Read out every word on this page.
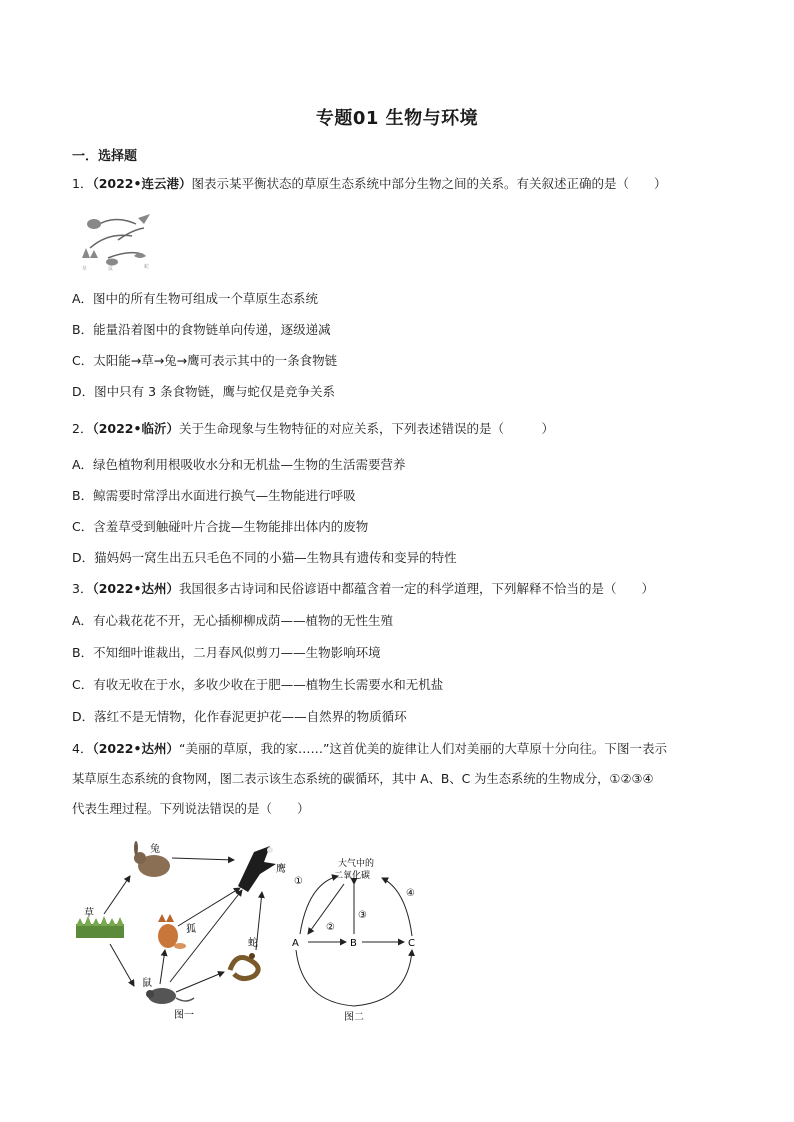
专题01 生物与环境
一．选择题
1．（2022•连云港）图表示某平衡状态的草原生态系统中部分生物之间的关系。有关叙述正确的是（　　）
草	鼠	蛇
A．图中的所有生物可组成一个草原生态系统
B．能量沿着图中的食物链单向传递，逐级递减
C．太阳能→草→兔→鹰可表示其中的一条食物链
D．图中只有 3 条食物链，鹰与蛇仅是竞争关系
2．（2022•临沂）关于生命现象与生物特征的对应关系，下列表述错误的是（　　　）
A．绿色植物利用根吸收水分和无机盐—生物的生活需要营养
B．鲸需要时常浮出水面进行换气—生物能进行呼吸
C．含羞草受到触碰叶片合拢—生物能排出体内的废物
D．猫妈妈一窝生出五只毛色不同的小猫—生物具有遗传和变异的特性
3．（2022•达州）我国很多古诗词和民俗谚语中都蕴含着一定的科学道理，下列解释不恰当的是（　　）
A．有心栽花花不开，无心插柳柳成荫——植物的无性生殖
B．不知细叶谁裁出，二月春风似剪刀——生物影响环境
C．有收无收在于水，多收少收在于肥——植物生长需要水和无机盐
D．落红不是无情物，化作春泥更护花——自然界的物质循环
4．（2022•达州）“美丽的草原，我的家……”这首优美的旋律让人们对美丽的大草原十分向往。下图一表示
某草原生态系统的食物网，图二表示该生态系统的碳循环，其中 A、B、C 为生态系统的生物成分，①②③④
代表生理过程。下列说法错误的是（　　）
兔
鹰
草
狐
蛇
鼠
图一
大气中的
二氧化碳
①
②
③
④
A	B	C
图二
